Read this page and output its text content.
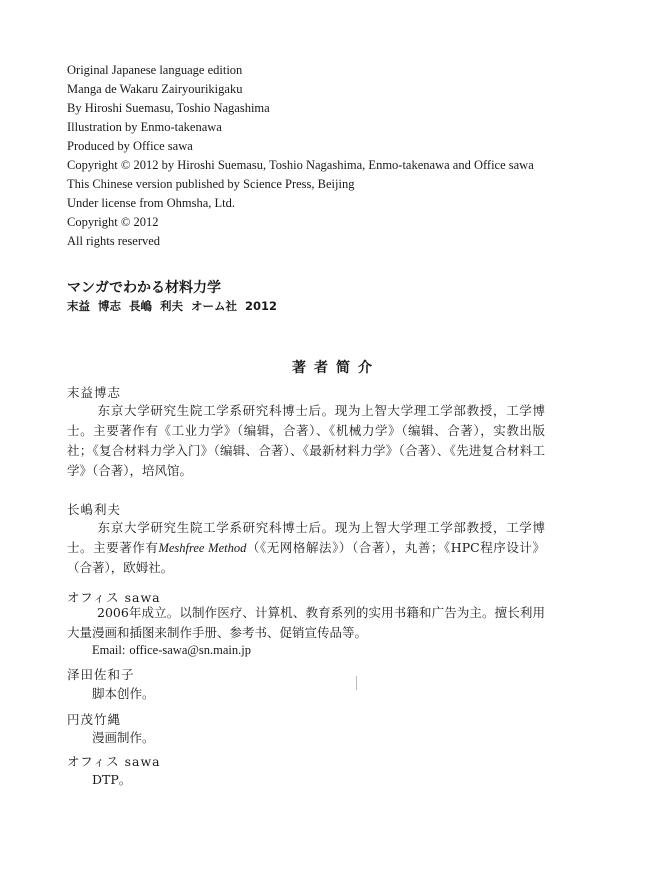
Original Japanese language edition
Manga de Wakaru Zairyourikigaku
By Hiroshi Suemasu, Toshio Nagashima
Illustration by Enmo-takenawa
Produced by Office sawa
Copyright © 2012 by Hiroshi Suemasu, Toshio Nagashima, Enmo-takenawa and Office sawa
This Chinese version published by Science Press, Beijing
Under license from Ohmsha, Ltd.
Copyright © 2012
All rights reserved
マンガでわかる材料力学
末益 博志 長嶋 利夫 オーム社 2012
著者简介
末益博志
东京大学研究生院工学系研究科博士后。现为上智大学理工学部教授，工学博士。主要著作有《工业力学》（编辑，合著）、《机械力学》（编辑、合著），实教出版社；《复合材料力学入门》（编辑、合著）、《最新材料力学》（合著）、《先进复合材料工学》（合著），培风馆。
长嶋利夫
东京大学研究生院工学系研究科博士后。现为上智大学理工学部教授，工学博士。主要著作有Meshfree Method（《无网格解法》）（合著），丸善；《HPC程序设计》（合著），欧姆社。
オフィス sawa
2006年成立。以制作医疗、计算机、教育系列的实用书籍和广告为主。擅长利用大量漫画和插图来制作手册、参考书、促销宣传品等。
Email: office-sawa@sn.main.jp
泽田佐和子
脚本创作。
円茂竹縄
漫画制作。
オフィス sawa
DTP。
